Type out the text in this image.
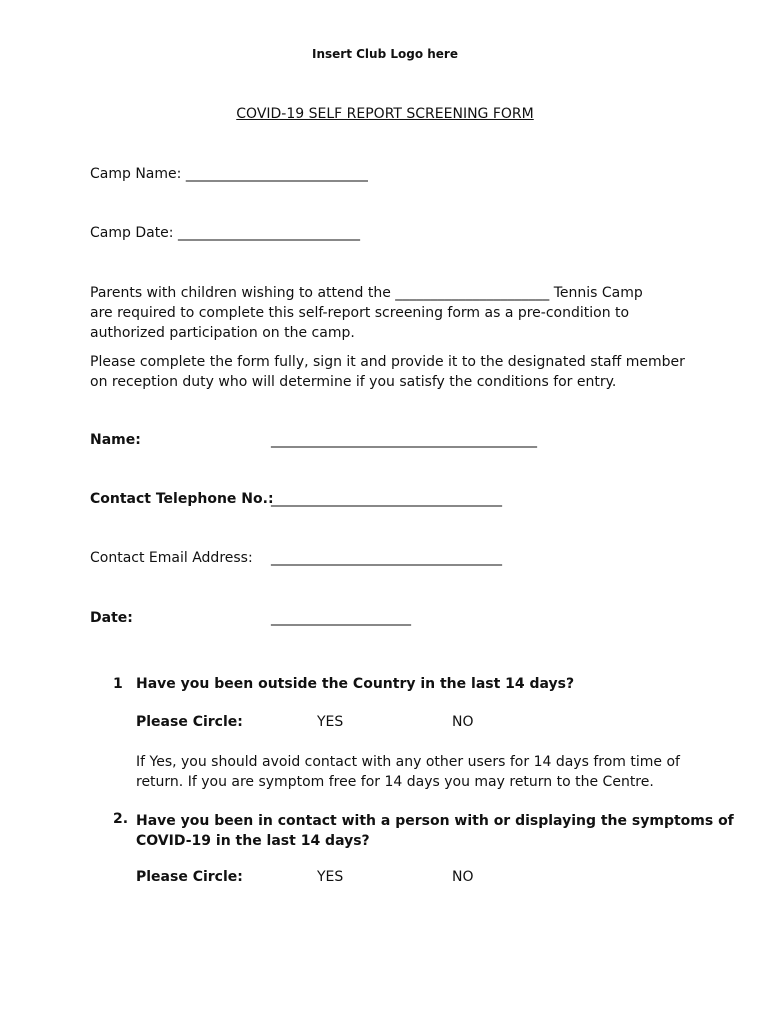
Insert Club Logo here
COVID-19 SELF REPORT SCREENING FORM
Camp Name: __________________________
Camp Date: __________________________
Parents with children wishing to attend the ______________________ Tennis Camp
are required to complete this self-report screening form as a pre-condition to
authorized participation on the camp.
Please complete the form fully, sign it and provide it to the designated staff member
on reception duty who will determine if you satisfy the conditions for entry.
Name:	______________________________________
Contact Telephone No.:
_________________________________
Contact Email Address: _________________________________
Date:	____________________
1 Have you been outside the Country in the last 14 days?
Please Circle:	YES	NO
If Yes, you should avoid contact with any other users for 14 days from time of
return. If you are symptom free for 14 days you may return to the Centre.
2. Have you been in contact with a person with or displaying the symptoms of
COVID-19 in the last 14 days?
Please Circle:	YES	NO
